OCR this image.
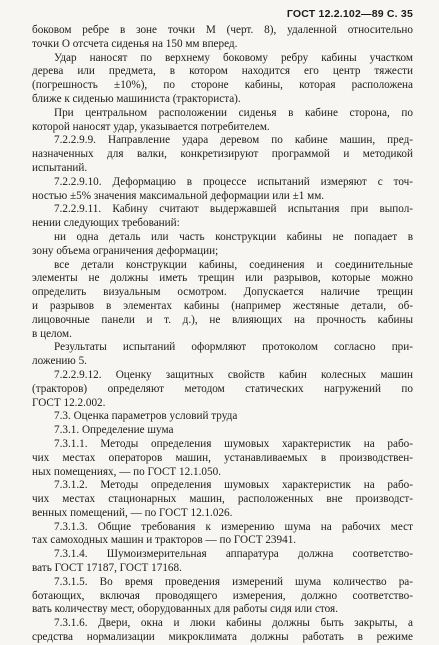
ГОСТ 12.2.102—89 С. 35
боковом ребре в зоне точки M (черт. 8), удаленной относительно
точки O отсчета сиденья на 150 мм вперед.
Удар наносят по верхнему боковому ребру кабины участком
дерева или предмета, в котором находится его центр тяжести
(погрешность ±10%), по стороне кабины, которая расположена
ближе к сиденью машиниста (тракториста).
При центральном расположении сиденья в кабине сторона, по
которой наносят удар, указывается потребителем.
7.2.2.9.9. Направление удара деревом по кабине машин, пред-
назначенных для валки, конкретизируют программой и методикой
испытаний.
7.2.2.9.10. Деформацию в процессе испытаний измеряют с точ-
ностью ±5% значения максимальной деформации или ±1 мм.
7.2.2.9.11. Кабину считают выдержавшей испытания при выпол-
нении следующих требований:
ни одна деталь или часть конструкции кабины не попадает в
зону объема ограничения деформации;
все детали конструкции кабины, соединения и соединительные
элементы не должны иметь трещин или разрывов, которые можно
определить визуальным осмотром. Допускается наличие трещин
и разрывов в элементах кабины (например жестяные детали, об-
лицовочные панели и т. д.), не влияющих на прочность кабины
в целом.
Результаты испытаний оформляют протоколом согласно при-
ложению 5.
7.2.2.9.12. Оценку защитных свойств кабин колесных машин
(тракторов) определяют методом статических нагружений по
ГОСТ 12.2.002.
7.3. Оценка параметров условий труда
7.3.1. Определение шума
7.3.1.1. Методы определения шумовых характеристик на рабо-
чих местах операторов машин, устанавливаемых в производствен-
ных помещениях, — по ГОСТ 12.1.050.
7.3.1.2. Методы определения шумовых характеристик на рабо-
чих местах стационарных машин, расположенных вне производст-
венных помещений, — по ГОСТ 12.1.026.
7.3.1.3. Общие требования к измерению шума на рабочих мест
тах самоходных машин и тракторов — по ГОСТ 23941.
7.3.1.4. Шумоизмерительная аппаратура должна соответство-
вать ГОСТ 17187, ГОСТ 17168.
7.3.1.5. Во время проведения измерений шума количество ра-
ботающих, включая проводящего измерения, должно соответство-
вать количеству мест, оборудованных для работы сидя или стоя.
7.3.1.6. Двери, окна и люки кабины должны быть закрыты, а
средства нормализации микроклимата должны работать в режиме
